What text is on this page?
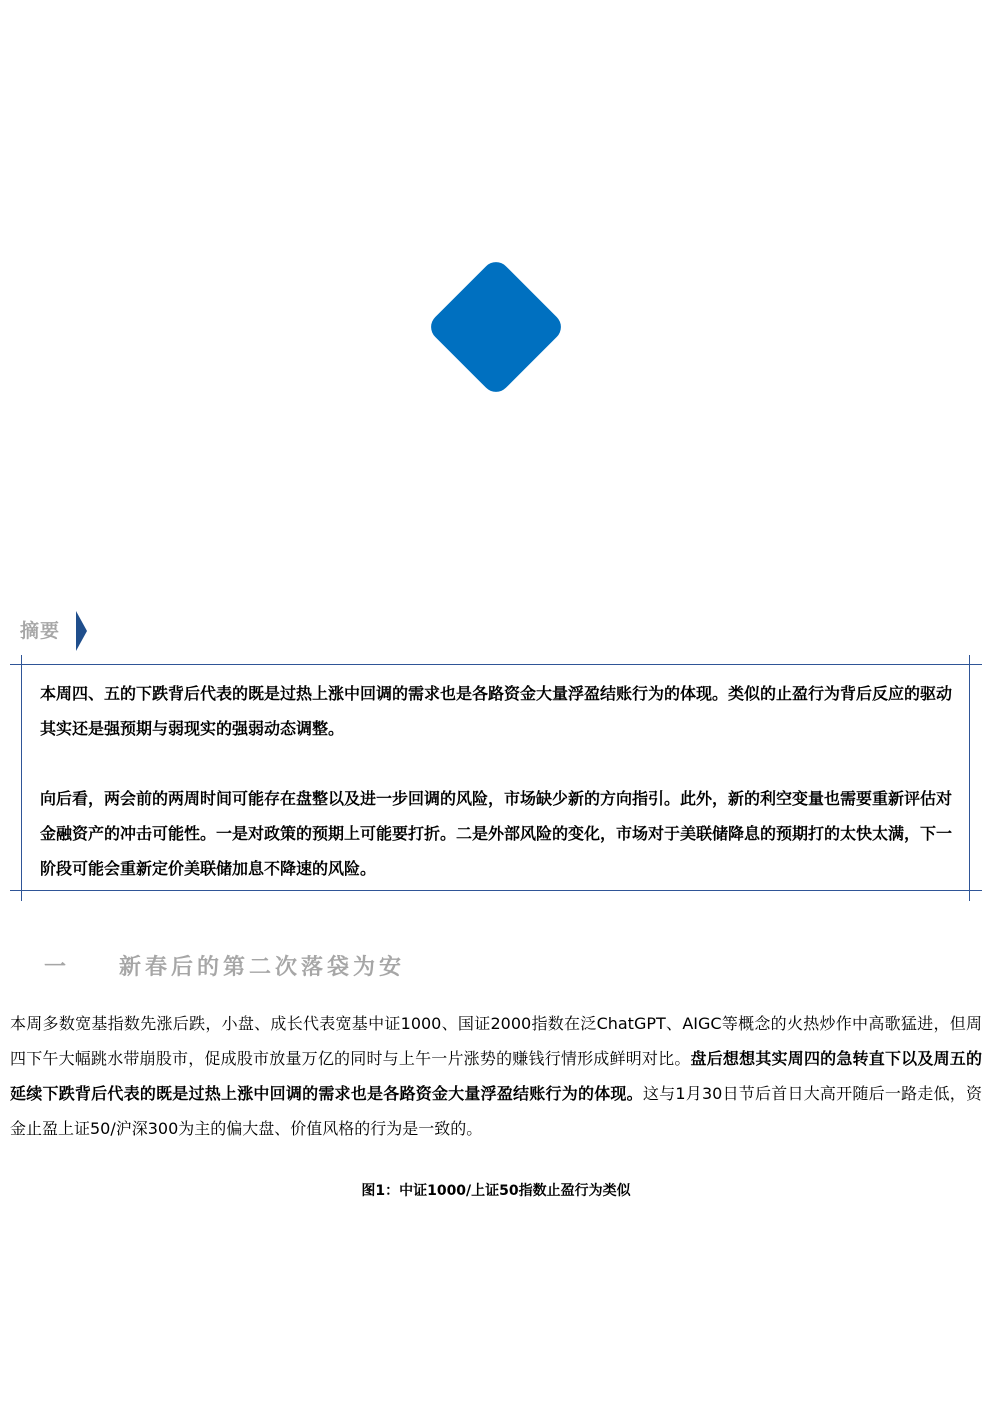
摘要

本周四、五的下跌背后代表的既是过热上涨中回调的需求也是各路资金大量浮盈结账行为的体现。类似的止盈行为背后反应的驱动其实还是强预期与弱现实的强弱动态调整。

向后看，两会前的两周时间可能存在盘整以及进一步回调的风险，市场缺少新的方向指引。此外，新的利空变量也需要重新评估对金融资产的冲击可能性。一是对政策的预期上可能要打折。二是外部风险的变化，市场对于美联储降息的预期打的太快太满，下一阶段可能会重新定价美联储加息不降速的风险。

一 新春后的第二次落袋为安
本周多数宽基指数先涨后跌，小盘、成长代表宽基中证1000、国证2000指数在泛ChatGPT、AIGC等概念的火热炒作中高歌猛进，但周四下午大幅跳水带崩股市，促成股市放量万亿的同时与上午一片涨势的赚钱行情形成鲜明对比。盘后想想其实周四的急转直下以及周五的延续下跌背后代表的既是过热上涨中回调的需求也是各路资金大量浮盈结账行为的体现。这与1月30日节后首日大高开随后一路走低，资金止盈上证50/沪深300为主的偏大盘、价值风格的行为是一致的。
图1：中证1000/上证50指数止盈行为类似
